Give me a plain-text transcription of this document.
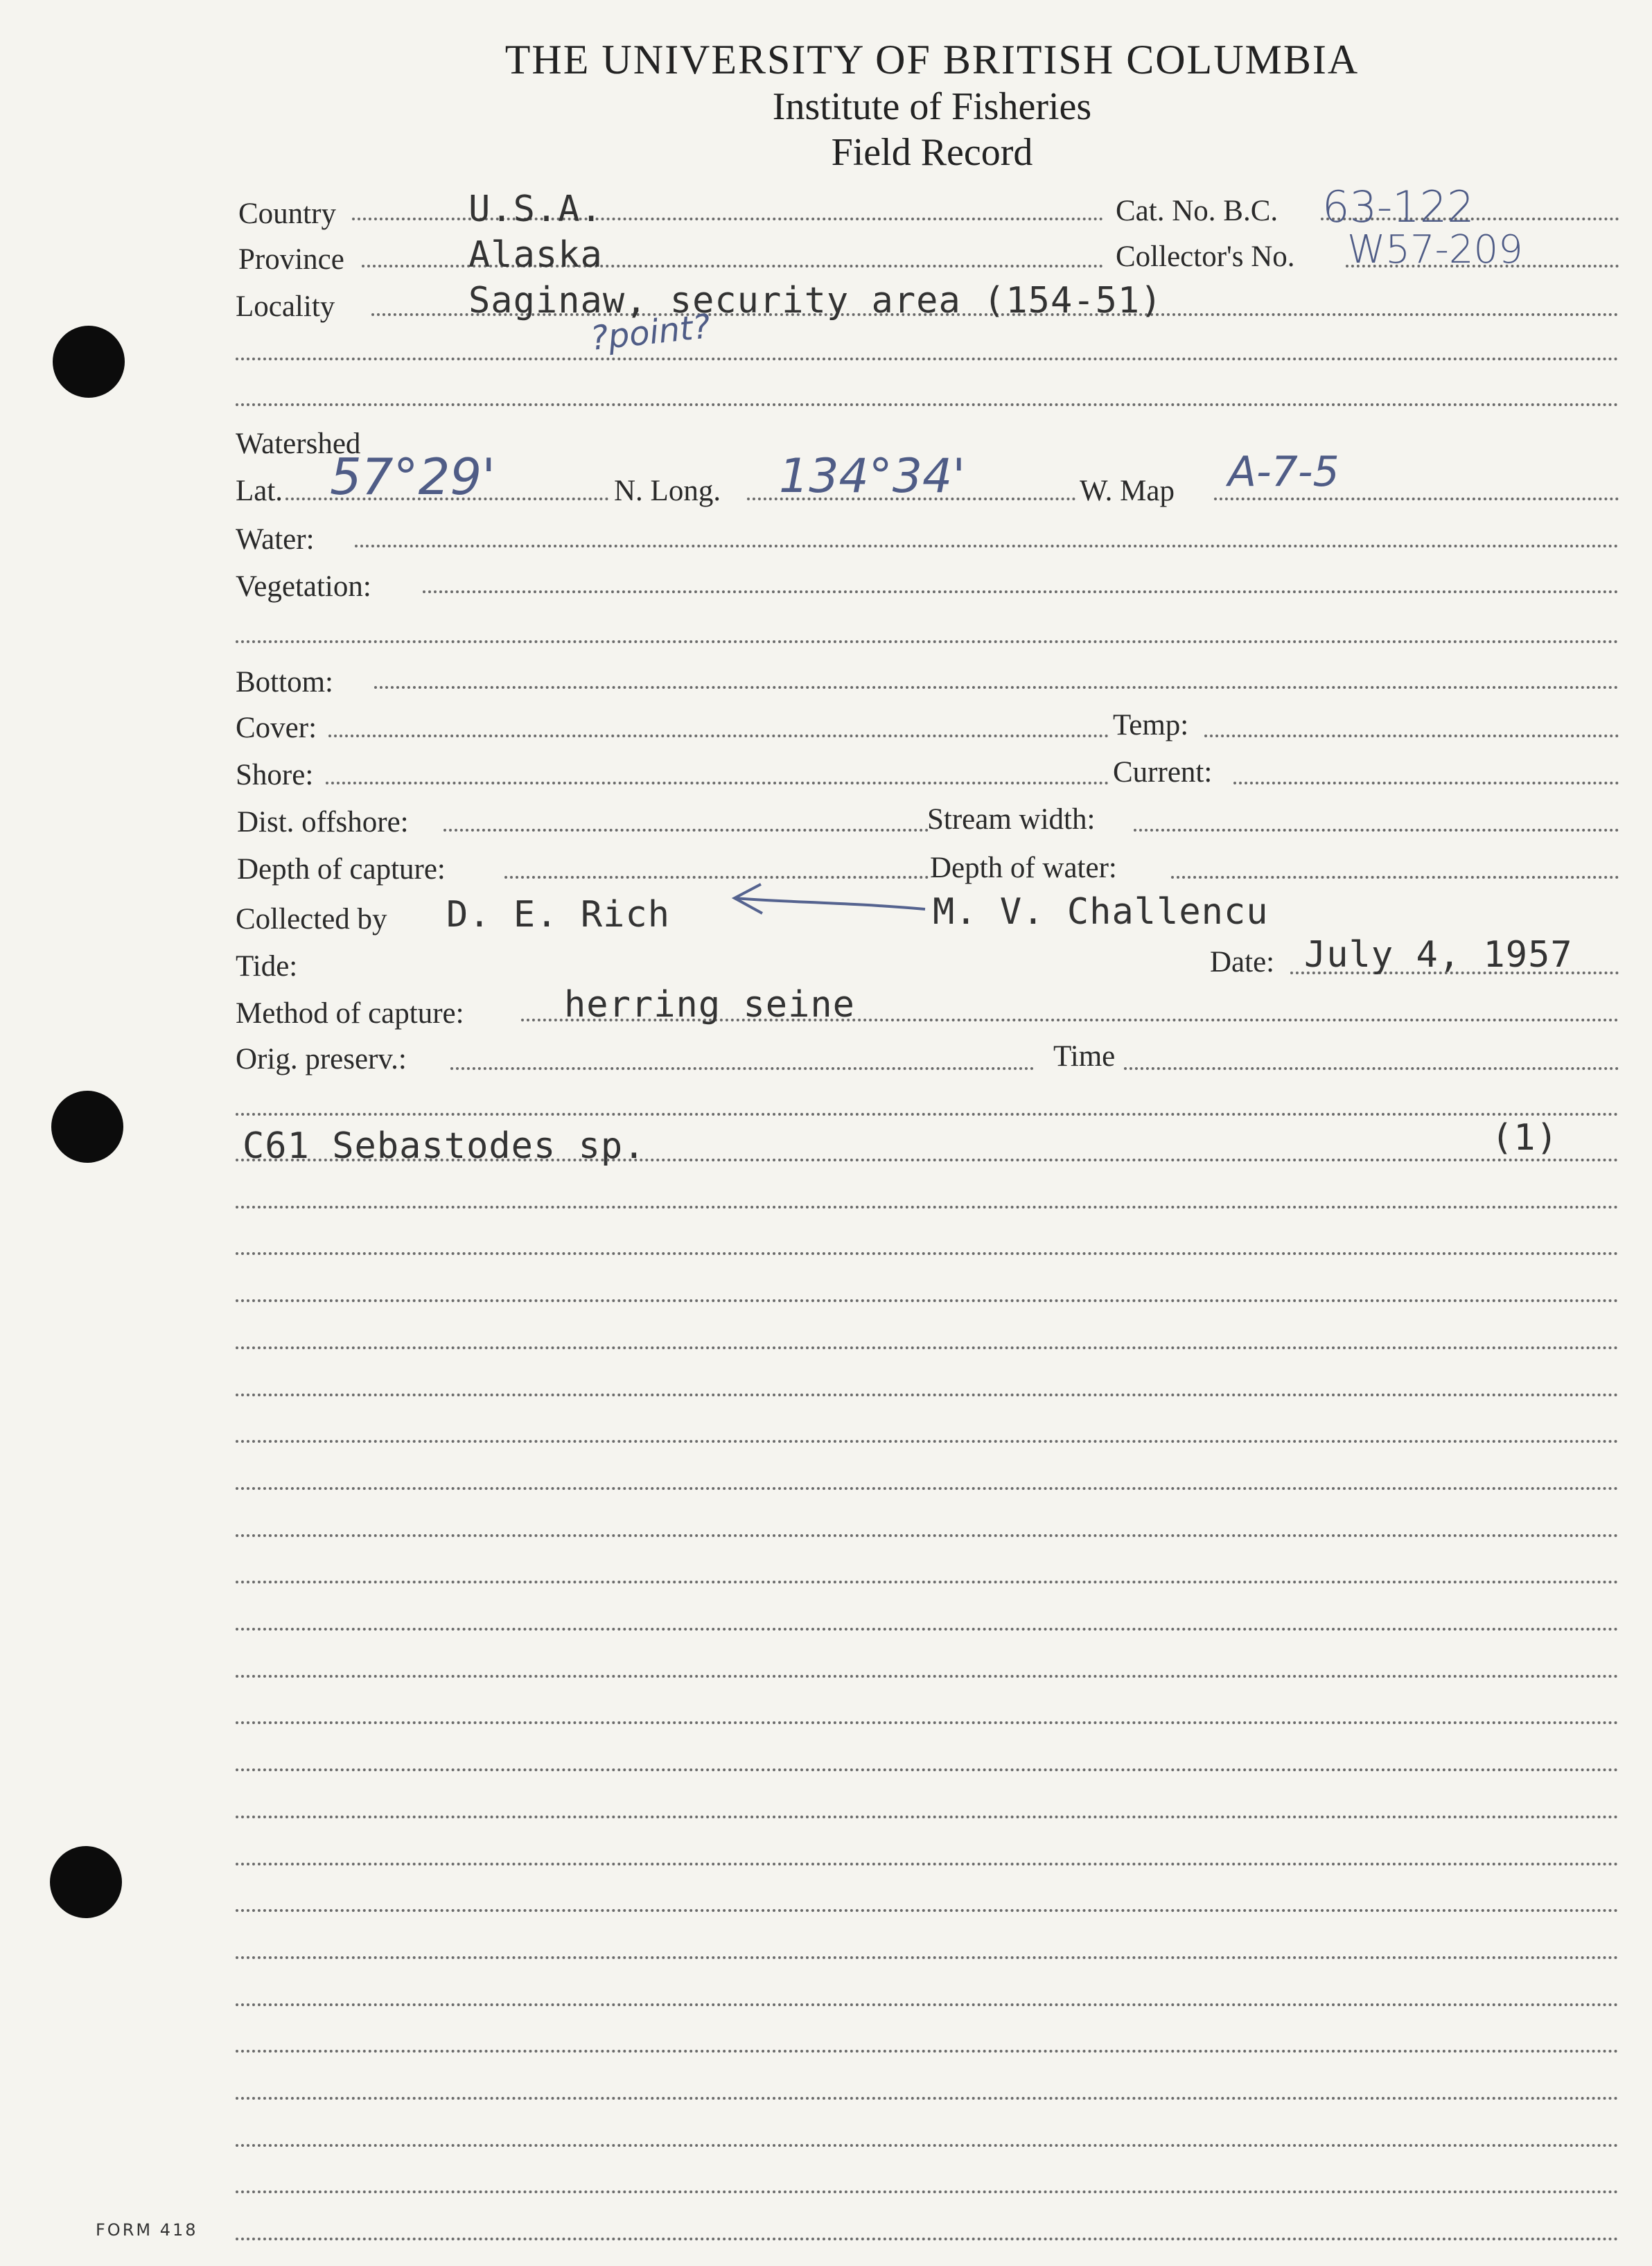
THE UNIVERSITY OF BRITISH COLUMBIA
Institute of Fisheries
Field Record
Country	U.S.A.	Cat. No. B.C. 63-122
Province	Alaska	Collector's No. W57-209
Locality	Saginaw, security area (154-51)
?point?
Watershed
Lat. 57°29'	N. Long. 134°34'	W. Map A-7-5
Water:
Vegetation:
Bottom:
Cover:	Temp:
Shore:	Current:
Dist. offshore:	Stream width:
Depth of capture:	Depth of water:
Collected by D. E. Rich	M. V. Challencu
Tide:	Date: July 4, 1957
Method of capture:	herring seine
Orig. preserv.:	Time
C61 Sebastodes sp.	(1)
FORM 418
